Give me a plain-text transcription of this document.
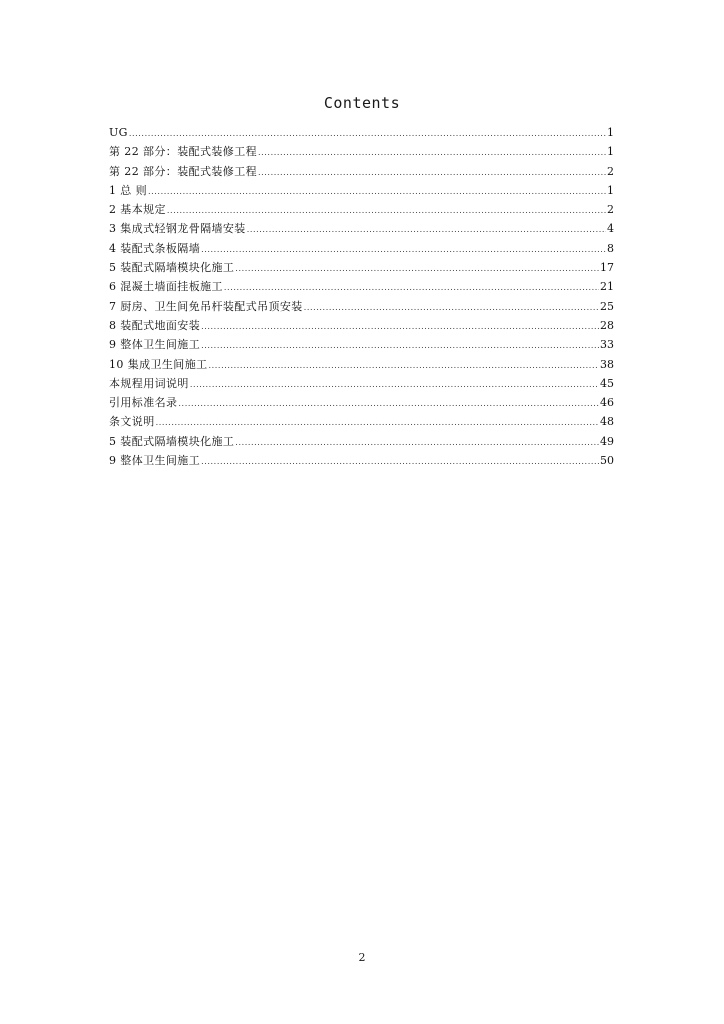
Contents
UG .....	1
第 22 部分：装配式装修工程 .....	1
第 22 部分：装配式装修工程 .....	2
1 总 则 .....	1
2 基本规定 .....	2
3 集成式轻钢龙骨隔墙安装 .....	4
4 装配式条板隔墙 .....	8
5 装配式隔墙模块化施工 .....	17
6 混凝土墙面挂板施工 .....	21
7 厨房、卫生间免吊杆装配式吊顶安装 .....	25
8 装配式地面安装 .....	28
9 整体卫生间施工 .....	33
10 集成卫生间施工 .....	38
本规程用词说明 .....	45
引用标准名录 .....	46
条文说明 .....	48
5 装配式隔墙模块化施工 .....	49
9 整体卫生间施工 .....	50
2
